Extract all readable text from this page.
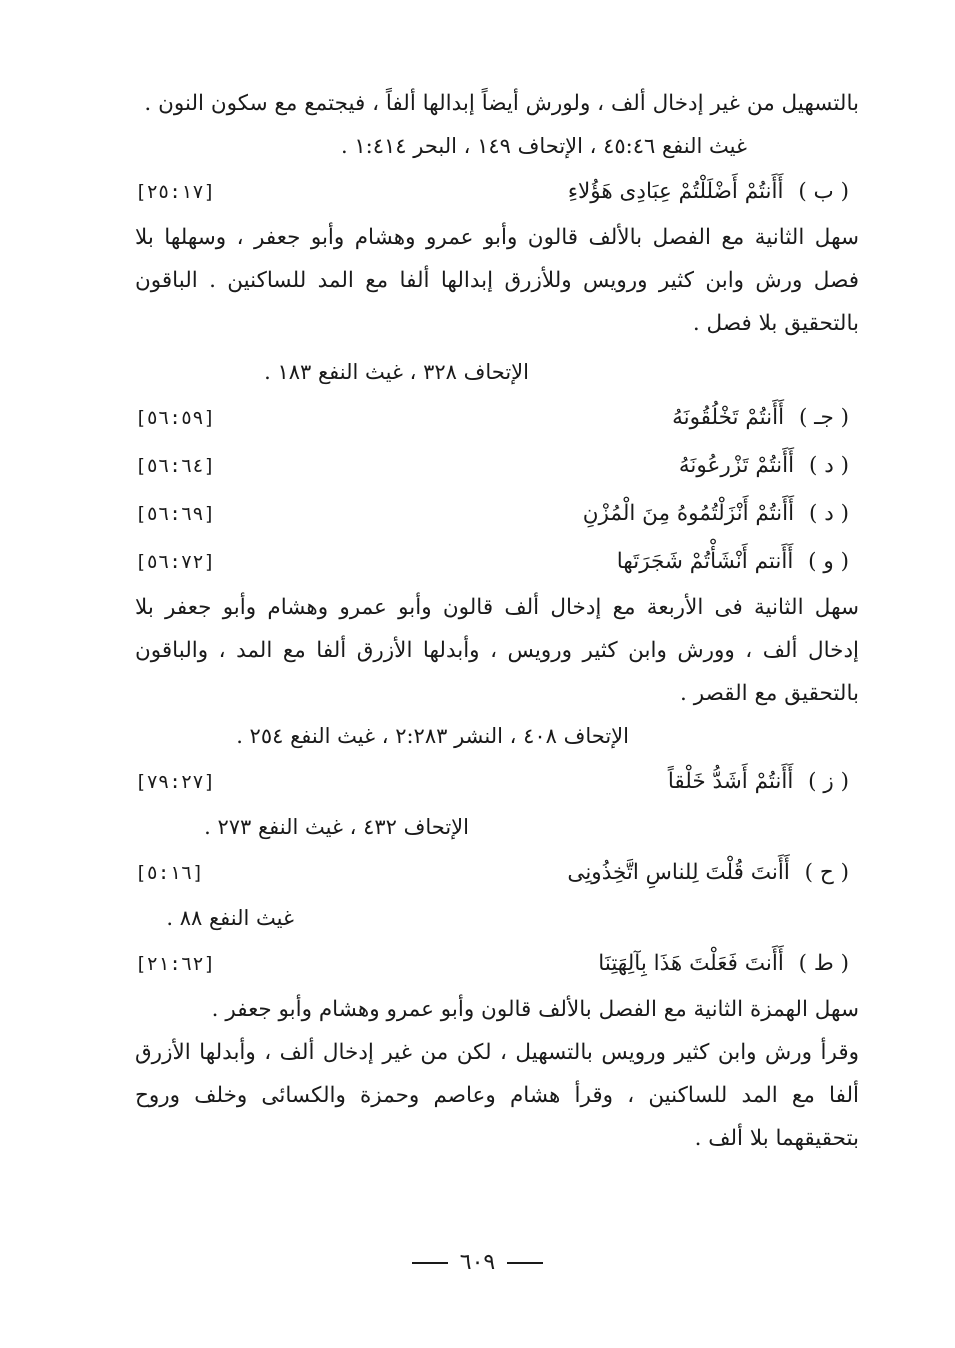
بالتسهيل من غير إدخال ألف ، ولورش أيضاً إبدالها ألفاً ، فيجتمع مع سكون النون .

غيث النفع ٤٥:٤٦ ، الإتحاف ١٤٩ ، البحر ١:٤١٤ .

( ب ) أَأَنتُمْ أَضْلَلْتُمْ عِبَادِى هَؤُلاءِ
[٢٥:١٧]

سهل الثانية مع الفصل بالألف قالون وأبو عمرو وهشام وأبو جعفر ، وسهلها بلا فصل ورش وابن كثير ورويس وللأزرق إبدالها ألفا مع المد للساكنين . الباقون بالتحقيق بلا فصل .

الإتحاف ٣٢٨ ، غيث النفع ١٨٣ .

( جـ ) أَأَنتُمْ تَخْلُقُونَهُ
[٥٦:٥٩]
( د ) أَأَنتُمْ تَزْرعُونَهُ
[٥٦:٦٤]
( د ) أَأَنتُمْ أَنْزَلْتُمُوهُ مِنَ الْمُزْنِ
[٥٦:٦٩]
( و ) أَأَنتم أَنْشَأْتُمْ شَجَرَتَها
[٥٦:٧٢]

سهل الثانية فى الأربعة مع إدخال ألف قالون وأبو عمرو وهشام وأبو جعفر بلا إدخال ألف ، وورش وابن كثير ورويس ، وأبدلها الأزرق ألفا مع المد ، والباقون بالتحقيق مع القصر .

الإتحاف ٤٠٨ ، النشر ٢:٢٨٣ ، غيث النفع ٢٥٤ .

( ز ) أَأَنتُمْ أَشَدُّ خَلْقاً
[٧٩:٢٧]

الإتحاف ٤٣٢ ، غيث النفع ٢٧٣ .

( ح ) أَأَنتَ قُلْتَ لِلناسِ اتَّخِذُونِى
[٥:١٦]

غيث النفع ٨٨ .

( ط ) أَأَنتَ فَعَلْتَ هَذَا بِآلِهَتِنَا
[٢١:٦٢]

سهل الهمزة الثانية مع الفصل بالألف قالون وأبو عمرو وهشام وأبو جعفر .

وقرأ ورش وابن كثير ورويس بالتسهيل ، لكن من غير إدخال ألف ، وأبدلها الأزرق ألفا مع المد للساكنين ، وقرأ هشام وعاصم وحمزة والكسائى وخلف وروح بتحقيقهما بلا ألف .

٦٠٩
